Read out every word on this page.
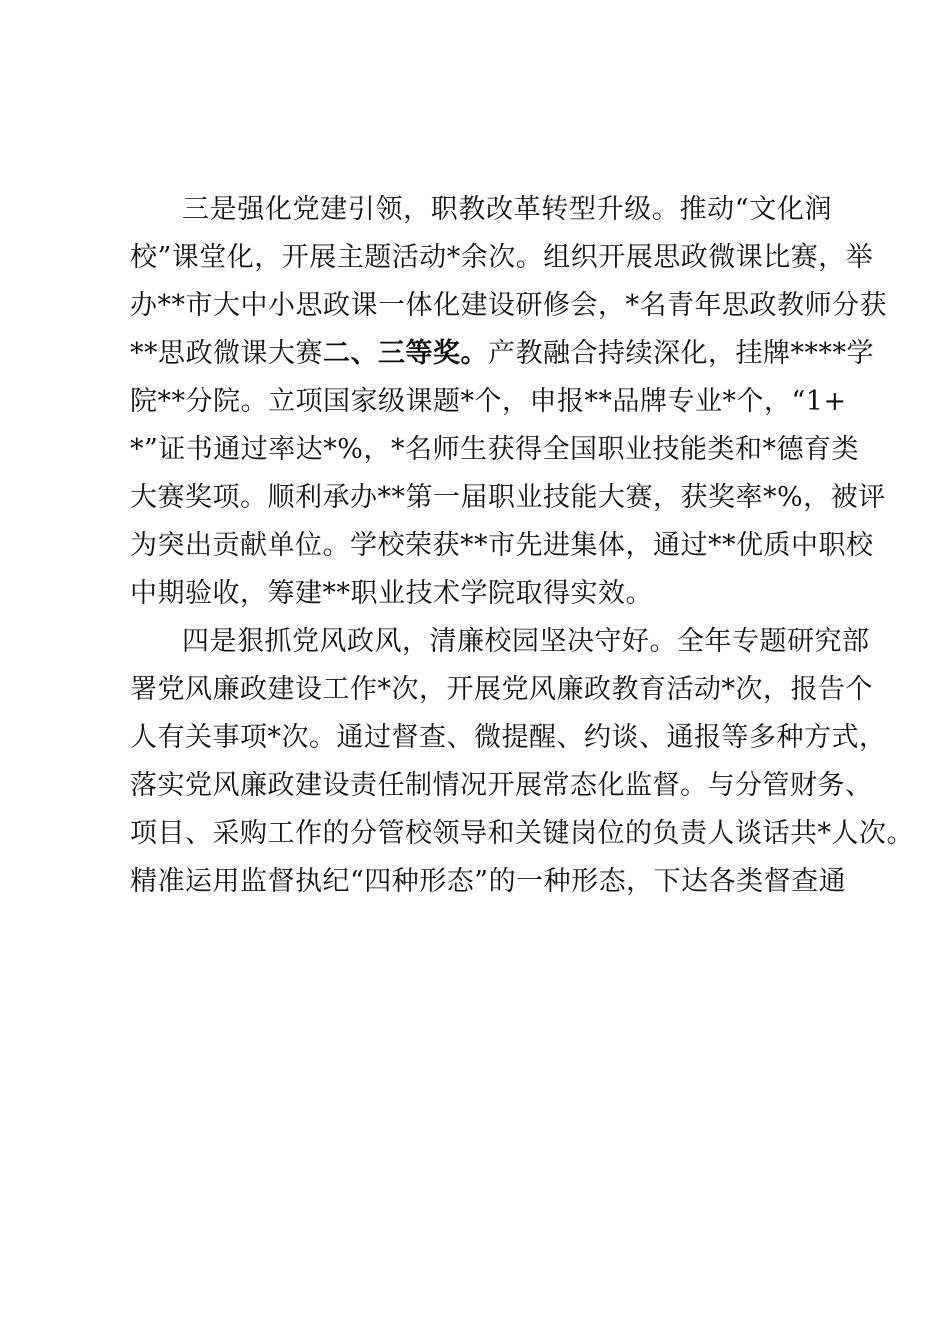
三是强化党建引领，职教改革转型升级。推动“文化润
校”课堂化，开展主题活动*余次。组织开展思政微课比赛，举
办**市大中小思政课一体化建设研修会，*名青年思政教师分获
**思政微课大赛二、三等奖。产教融合持续深化，挂牌****学
院**分院。立项国家级课题*个，申报**品牌专业*个，“1+
*”证书通过率达*%，*名师生获得全国职业技能类和*德育类
大赛奖项。顺利承办**第一届职业技能大赛，获奖率*%，被评
为突出贡献单位。学校荣获**市先进集体，通过**优质中职校
中期验收，筹建**职业技术学院取得实效。
四是狠抓党风政风，清廉校园坚决守好。全年专题研究部
署党风廉政建设工作*次，开展党风廉政教育活动*次，报告个
人有关事项*次。通过督查、微提醒、约谈、通报等多种方式，
落实党风廉政建设责任制情况开展常态化监督。与分管财务、
项目、采购工作的分管校领导和关键岗位的负责人谈话共*人次。
精准运用监督执纪“四种形态”的一种形态，下达各类督查通
